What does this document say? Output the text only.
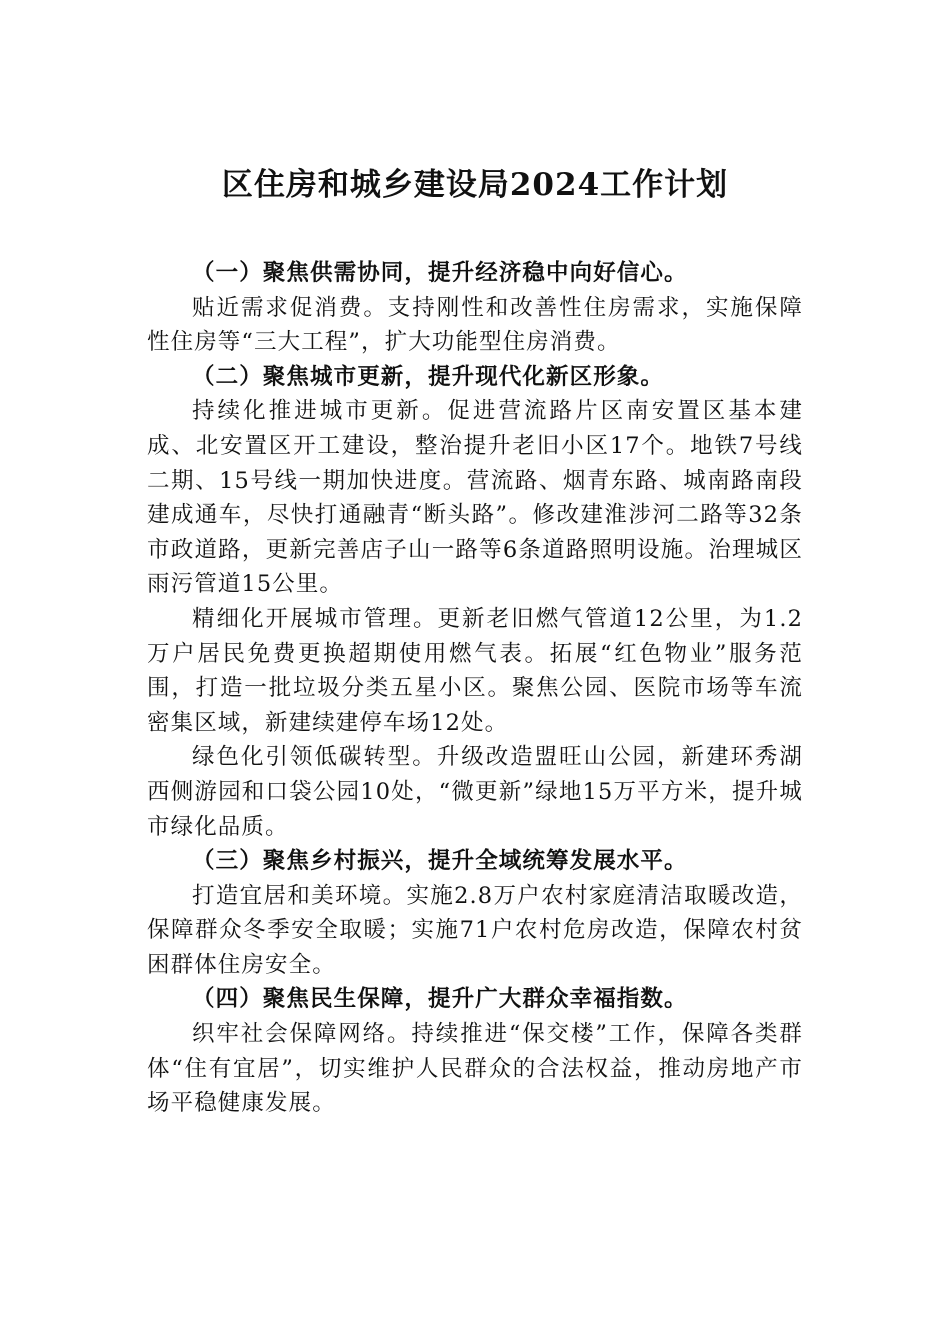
区住房和城乡建设局2024工作计划

（一）聚焦供需协同，提升经济稳中向好信心。

贴近需求促消费。支持刚性和改善性住房需求，实施保障性住房等“三大工程”，扩大功能型住房消费。

（二）聚焦城市更新，提升现代化新区形象。

持续化推进城市更新。促进营流路片区南安置区基本建成、北安置区开工建设，整治提升老旧小区17个。地铁7号线二期、15号线一期加快进度。营流路、烟青东路、城南路南段建成通车，尽快打通融青“断头路”。修改建淮涉河二路等32条市政道路，更新完善店子山一路等6条道路照明设施。治理城区雨污管道15公里。

精细化开展城市管理。更新老旧燃气管道12公里，为1.2万户居民免费更换超期使用燃气表。拓展“红色物业”服务范围，打造一批垃圾分类五星小区。聚焦公园、医院市场等车流密集区域，新建续建停车场12处。

绿色化引领低碳转型。升级改造盟旺山公园，新建环秀湖西侧游园和口袋公园10处，“微更新”绿地15万平方米，提升城市绿化品质。

（三）聚焦乡村振兴，提升全域统筹发展水平。

打造宜居和美环境。实施2.8万户农村家庭清洁取暖改造，保障群众冬季安全取暖；实施71户农村危房改造，保障农村贫困群体住房安全。

（四）聚焦民生保障，提升广大群众幸福指数。

织牢社会保障网络。持续推进“保交楼”工作，保障各类群体“住有宜居”，切实维护人民群众的合法权益，推动房地产市场平稳健康发展。
